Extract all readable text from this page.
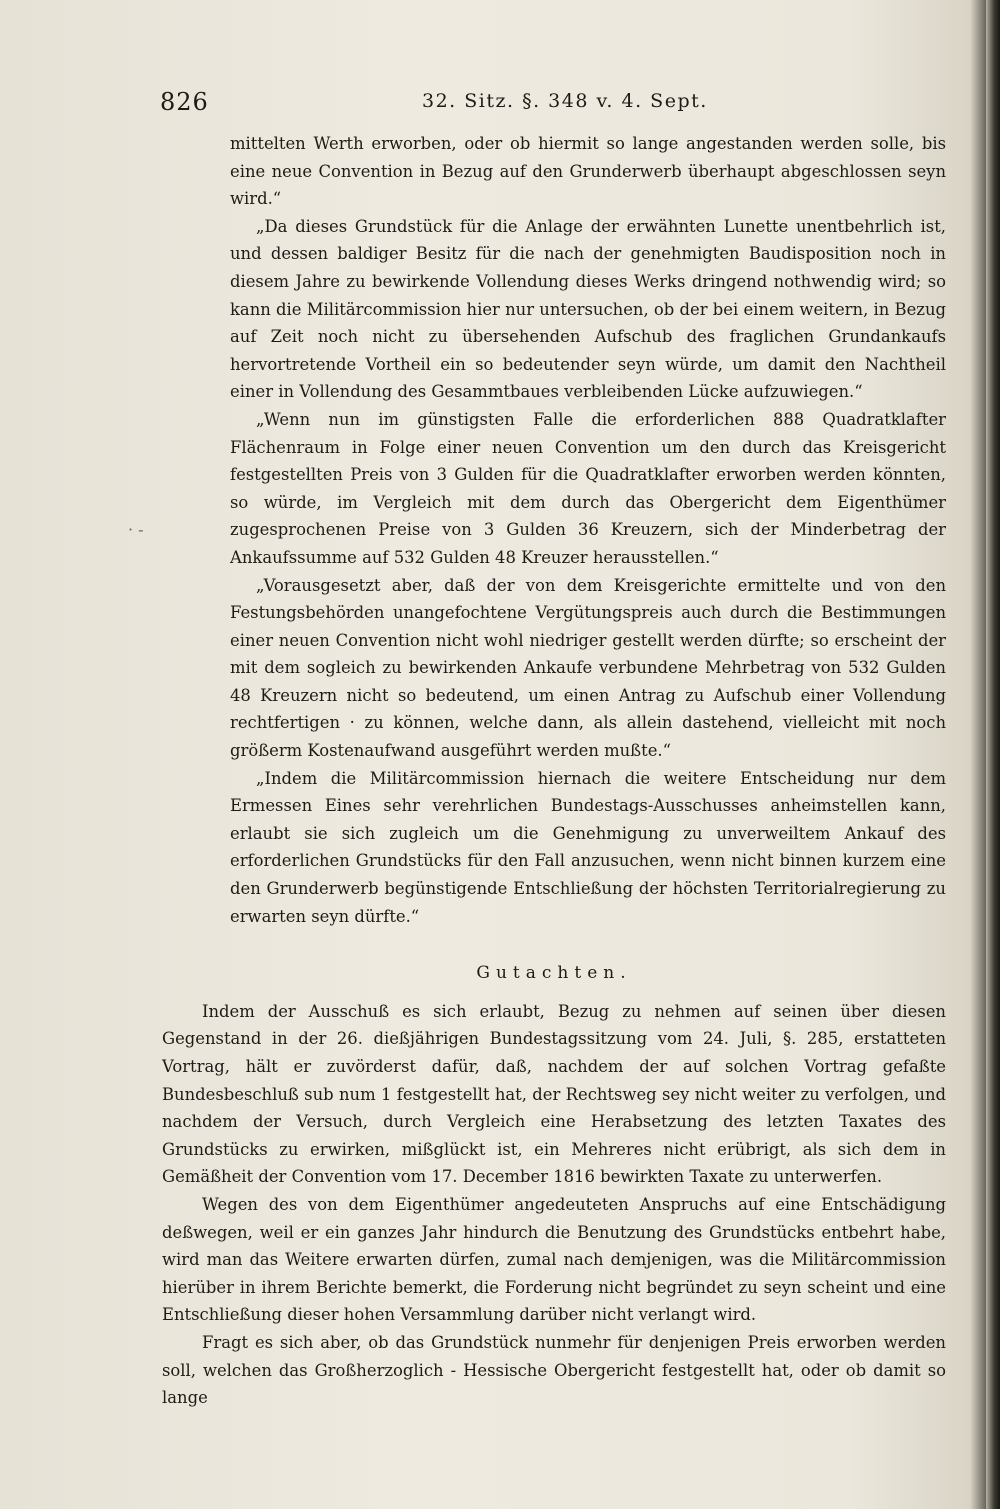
826	32. Sitz. §. 348 v. 4. Sept.
· -

mittelten Werth erworben, oder ob hiermit so lange angestanden werden solle, bis eine neue Convention in Bezug auf den Grunderwerb überhaupt abgeschlossen seyn wird.“

„Da dieses Grundstück für die Anlage der erwähnten Lunette unentbehrlich ist, und dessen baldiger Besitz für die nach der genehmigten Baudisposition noch in diesem Jahre zu bewirkende Vollendung dieses Werks dringend nothwendig wird; so kann die Militärcommission hier nur untersuchen, ob der bei einem weitern, in Bezug auf Zeit noch nicht zu übersehenden Aufschub des fraglichen Grundankaufs hervortretende Vortheil ein so bedeutender seyn würde, um damit den Nachtheil einer in Vollendung des Gesammtbaues verbleibenden Lücke aufzuwiegen.“

„Wenn nun im günstigsten Falle die erforderlichen 888 Quadratklafter Flächenraum in Folge einer neuen Convention um den durch das Kreisgericht festgestellten Preis von 3 Gulden für die Quadratklafter erworben werden könnten, so würde, im Vergleich mit dem durch das Obergericht dem Eigenthümer zugesprochenen Preise von 3 Gulden 36 Kreuzern, sich der Minderbetrag der Ankaufssumme auf 532 Gulden 48 Kreuzer herausstellen.“

„Vorausgesetzt aber, daß der von dem Kreisgerichte ermittelte und von den Festungsbehörden unangefochtene Vergütungspreis auch durch die Bestimmungen einer neuen Convention nicht wohl niedriger gestellt werden dürfte; so erscheint der mit dem sogleich zu bewirkenden Ankaufe verbundene Mehrbetrag von 532 Gulden 48 Kreuzern nicht so bedeutend, um einen Antrag zu Aufschub einer Vollendung rechtfertigen · zu können, welche dann, als allein dastehend, vielleicht mit noch größerm Kostenaufwand ausgeführt werden mußte.“

„Indem die Militärcommission hiernach die weitere Entscheidung nur dem Ermessen Eines sehr verehrlichen Bundestags-Ausschusses anheimstellen kann, erlaubt sie sich zugleich um die Genehmigung zu unverweiltem Ankauf des erforderlichen Grundstücks für den Fall anzusuchen, wenn nicht binnen kurzem eine den Grunderwerb begünstigende Entschließung der höchsten Territorialregierung zu erwarten seyn dürfte.“

Gutachten.

Indem der Ausschuß es sich erlaubt, Bezug zu nehmen auf seinen über diesen Gegenstand in der 26. dießjährigen Bundestagssitzung vom 24. Juli, §. 285, erstatteten Vortrag, hält er zuvörderst dafür, daß, nachdem der auf solchen Vortrag gefaßte Bundesbeschluß sub num 1 festgestellt hat, der Rechtsweg sey nicht weiter zu verfolgen, und nachdem der Versuch, durch Vergleich eine Herabsetzung des letzten Taxates des Grundstücks zu erwirken, mißglückt ist, ein Mehreres nicht erübrigt, als sich dem in Gemäßheit der Convention vom 17. December 1816 bewirkten Taxate zu unterwerfen.

Wegen des von dem Eigenthümer angedeuteten Anspruchs auf eine Entschädigung deßwegen, weil er ein ganzes Jahr hindurch die Benutzung des Grundstücks entbehrt habe, wird man das Weitere erwarten dürfen, zumal nach demjenigen, was die Militärcommission hierüber in ihrem Berichte bemerkt, die Forderung nicht begründet zu seyn scheint und eine Entschließung dieser hohen Versammlung darüber nicht verlangt wird.

Fragt es sich aber, ob das Grundstück nunmehr für denjenigen Preis erworben werden soll, welchen das Großherzoglich - Hessische Obergericht festgestellt hat, oder ob damit so lange
